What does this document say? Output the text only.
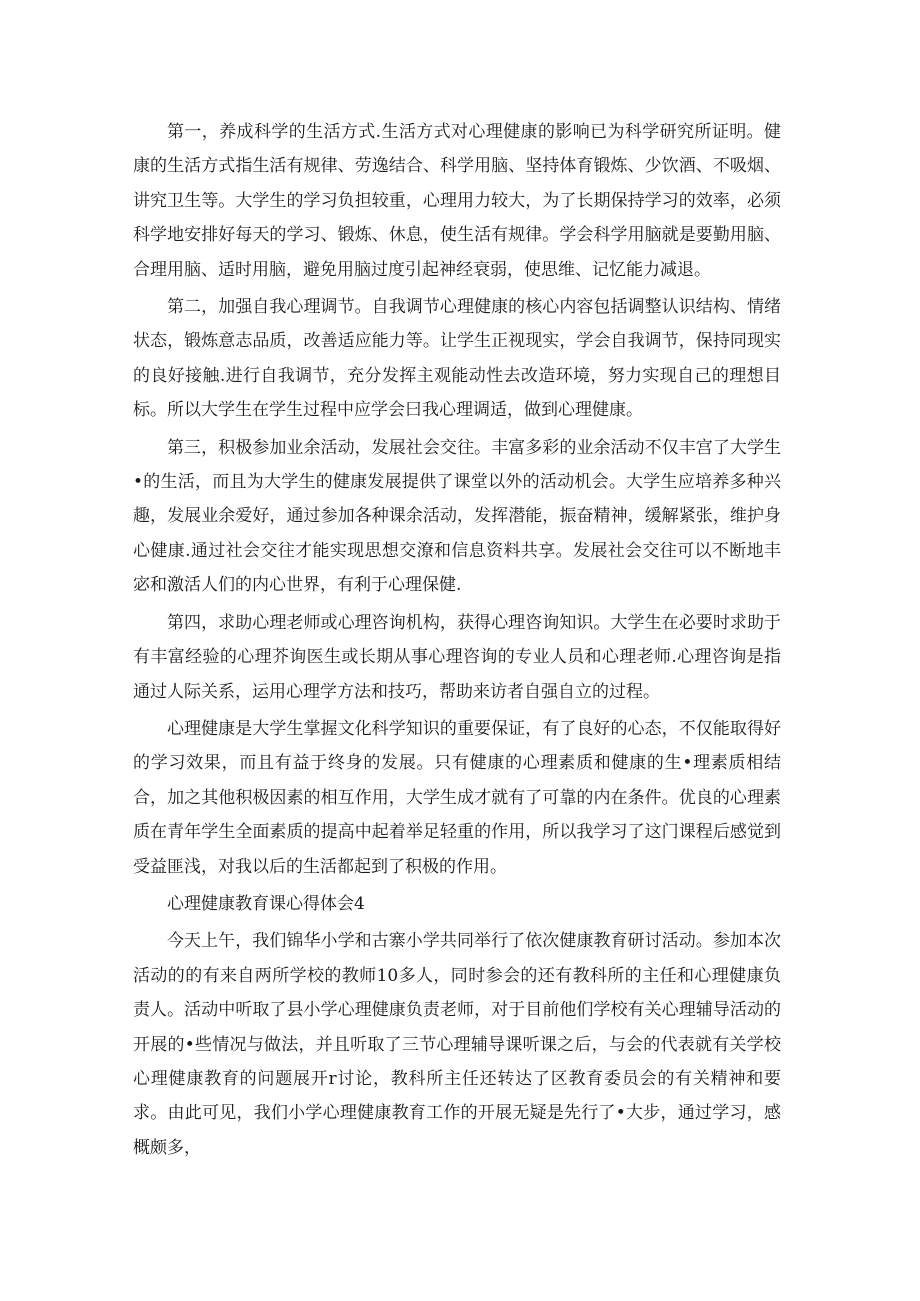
第一，养成科学的生活方式.生活方式对心理健康的影响已为科学研究所证明。健康的生活方式指生活有规律、劳逸结合、科学用脑、坚持体育锻炼、少饮酒、不吸烟、讲究卫生等。大学生的学习负担较重，心理用力较大，为了长期保持学习的效率，必须科学地安排好每天的学习、锻炼、休息，使生活有规律。学会科学用脑就是要勤用脑、合理用脑、适时用脑，避免用脑过度引起神经衰弱，使思维、记忆能力减退。

第二，加强自我心理调节。自我调节心理健康的核心内容包括调整认识结构、情绪状态，锻炼意志品质，改善适应能力等。让学生正视现实，学会自我调节，保持同现实的良好接触.进行自我调节，充分发挥主观能动性去改造环境，努力实现自己的理想目标。所以大学生在学生过程中应学会曰我心理调适，做到心理健康。

第三，积极参加业余活动，发展社会交往。丰富多彩的业余活动不仅丰宫了大学生•的生活，而且为大学生的健康发展提供了课堂以外的活动机会。大学生应培养多种兴趣，发展业余爱好，通过参加各种课余活动，发挥潜能，振奋精神，缓解紧张，维护身心健康.通过社会交往才能实现思想交潦和信息资料共享。发展社会交往可以不断地丰宓和激活人们的内心世界，有利于心理保健.

第四，求助心理老师或心理咨询机构，获得心理咨询知识。大学生在必要时求助于有丰富经验的心理芥询医生或长期从事心理咨询的专业人员和心理老师.心理咨询是指通过人际关系，运用心理学方法和技巧，帮助来访者自强自立的过程。

心理健康是大学生掌握文化科学知识的重要保证，有了良好的心态，不仅能取得好的学习效果，而且有益于终身的发展。只有健康的心理素质和健康的生•理素质相结合，加之其他积极因素的相互作用，大学生成才就有了可靠的内在条件。优良的心理素质在青年学生全面素质的提高中起着举足轻重的作用，所以我学习了这门课程后感觉到受益匪浅，对我以后的生活都起到了积极的作用。

心理健康教育课心得体会4

今天上午，我们锦华小学和古寨小学共同举行了依次健康教育研讨活动。参加本次活动的的有来自两所学校的教师10多人，同时参会的还有教科所的主任和心理健康负责人。活动中听取了县小学心理健康负责老师，对于目前他们学校有关心理辅导活动的开展的•些情况与做法，并且听取了三节心理辅导课听课之后，与会的代表就有关学校心理健康教育的问题展开r讨论，教科所主任还转达了区教育委员会的有关精神和要求。由此可见，我们小学心理健康教育工作的开展无疑是先行了•大步，通过学习，感概颇多，
